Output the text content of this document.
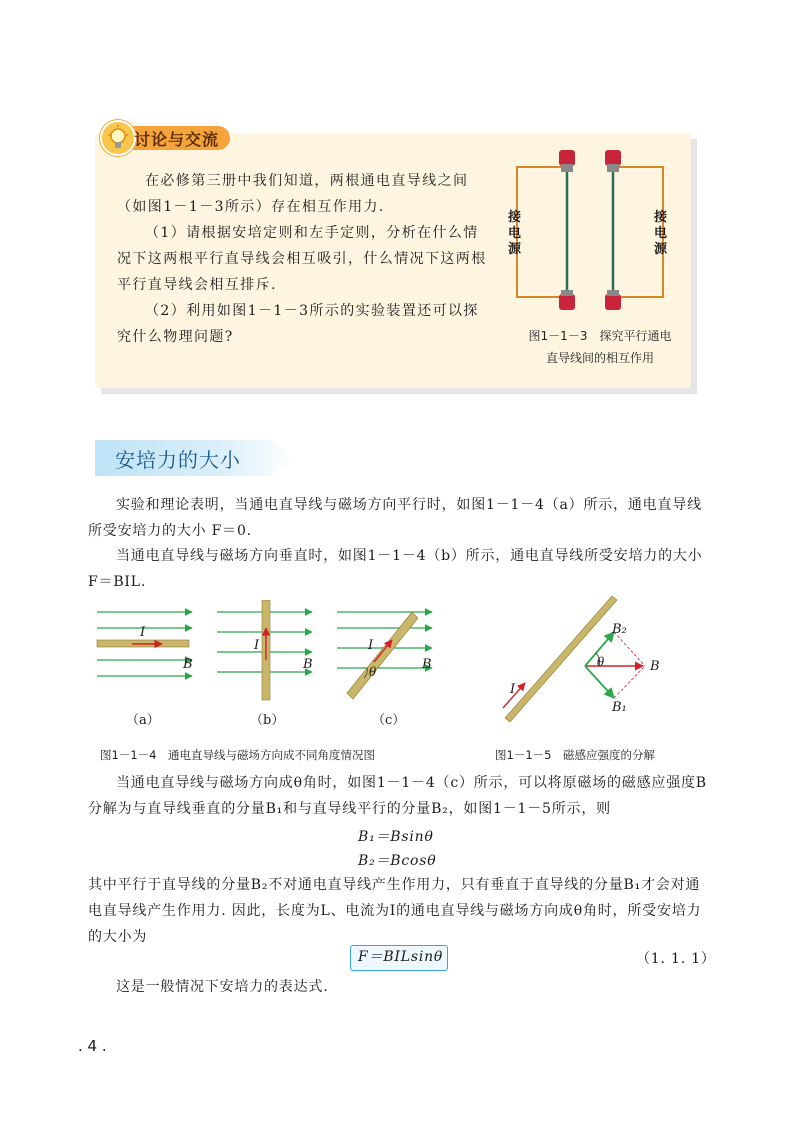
讨论与交流
在必修第三册中我们知道，两根通电直导线之间（如图1－1－3所示）存在相互作用力.
（1）请根据安培定则和左手定则，分析在什么情况下这两根平行直导线会相互吸引，什么情况下这两根平行直导线会相互排斥.
（2）利用如图1－1－3所示的实验装置还可以探究什么物理问题?
接电源
接电源
图1－1－3　探究平行通电
直导线间的相互作用
安培力的大小
实验和理论表明，当通电直导线与磁场方向平行时，如图1－1－4（a）所示，通电直导线所受安培力的大小 F＝0.
当通电直导线与磁场方向垂直时，如图1－1－4（b）所示，通电直导线所受安培力的大小 F＝BIL.
I
B
I
B
I
θ	B
（a）	（b）	（c）
图1－1－4　通电直导线与磁场方向成不同角度情况图
I
B
B₂
B₁
θ
图1－1－5　磁感应强度的分解
当通电直导线与磁场方向成θ角时，如图1－1－4（c）所示，可以将原磁场的磁感应强度B分解为与直导线垂直的分量B₁和与直导线平行的分量B₂，如图1－1－5所示，则
B₁＝Bsinθ
B₂＝Bcosθ
其中平行于直导线的分量B₂不对通电直导线产生作用力，只有垂直于直导线的分量B₁才会对通电直导线产生作用力. 因此，长度为L、电流为I的通电直导线与磁场方向成θ角时，所受安培力的大小为
F＝BILsinθ	（1. 1. 1）
这是一般情况下安培力的表达式.
. 4 .
